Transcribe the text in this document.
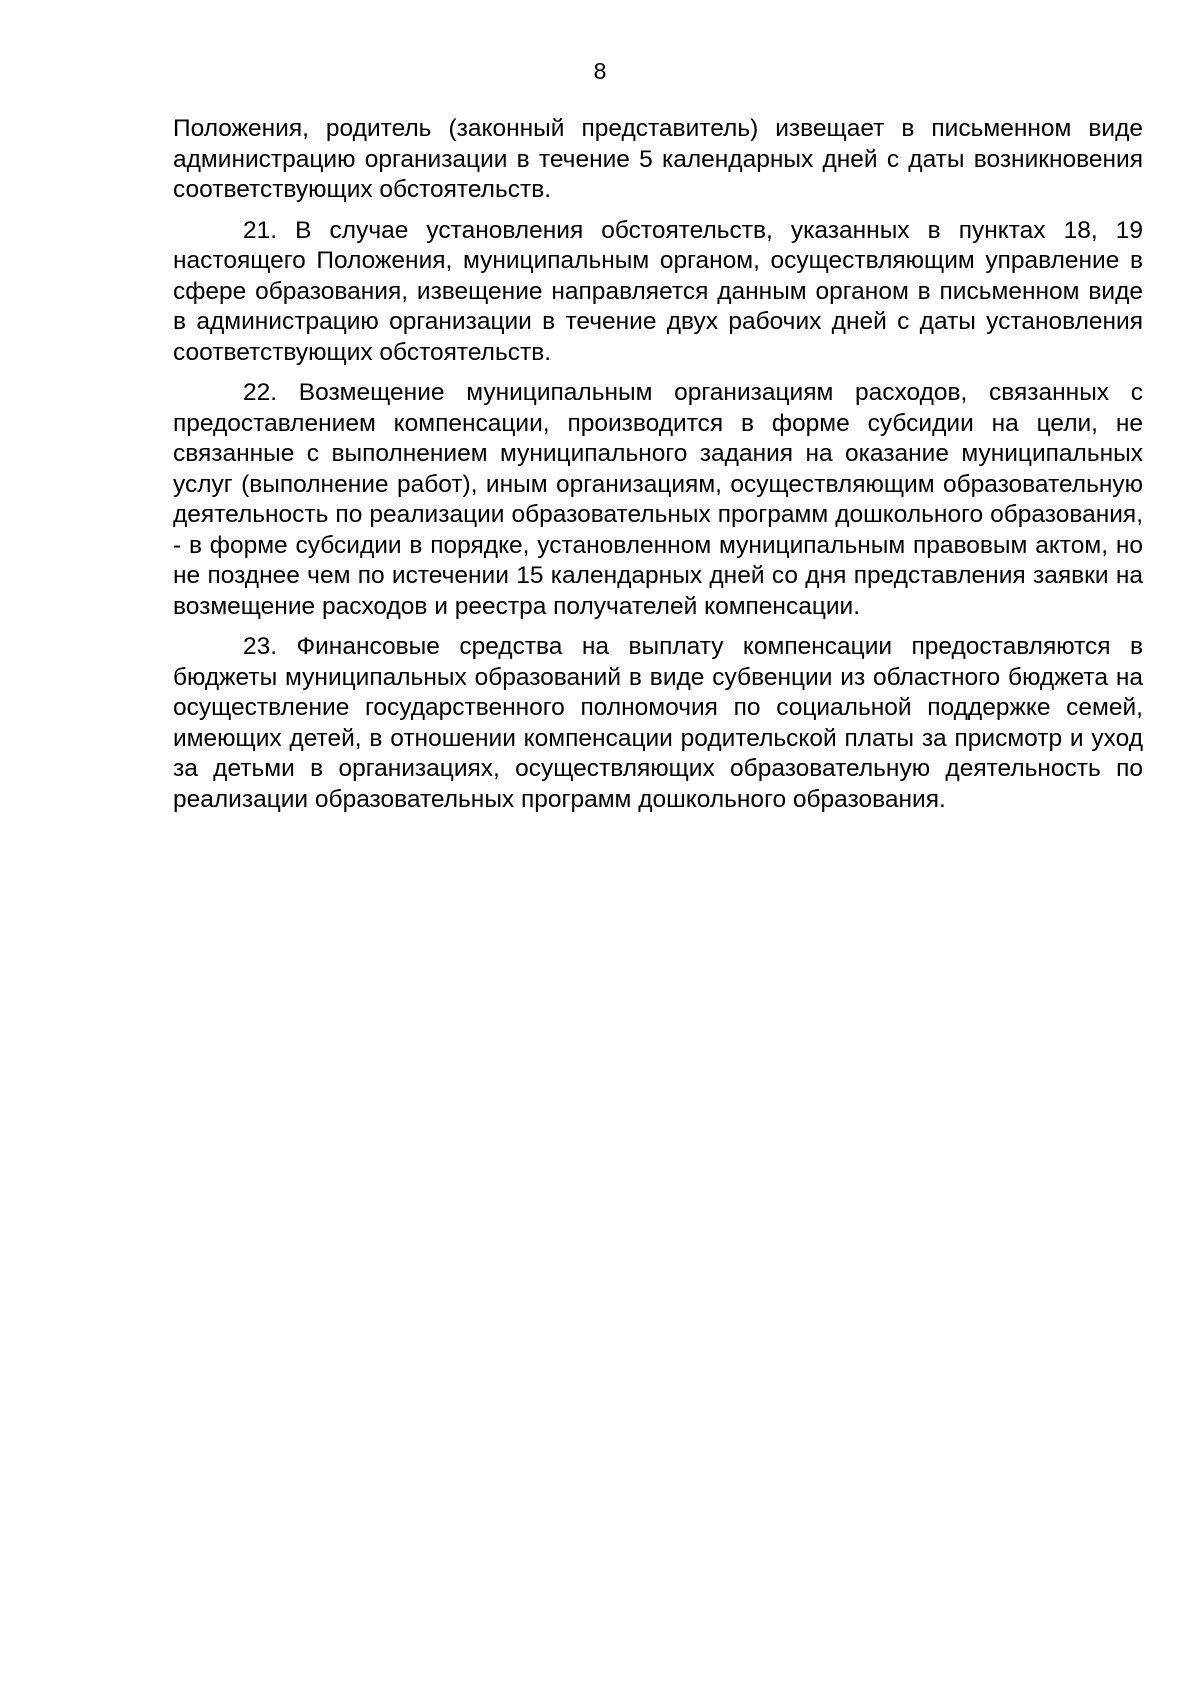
8

Положения, родитель (законный представитель) извещает в письменном виде администрацию организации в течение 5 календарных дней с даты возникновения соответствующих обстоятельств.

21. В случае установления обстоятельств, указанных в пунктах 18, 19 настоящего Положения, муниципальным органом, осуществляющим управление в сфере образования, извещение направляется данным органом в письменном виде в администрацию организации в течение двух рабочих дней с даты установления соответствующих обстоятельств.

22. Возмещение муниципальным организациям расходов, связанных с предоставлением компенсации, производится в форме субсидии на цели, не связанные с выполнением муниципального задания на оказание муниципальных услуг (выполнение работ), иным организациям, осуществляющим образовательную деятельность по реализации образовательных программ дошкольного образования, - в форме субсидии в порядке, установленном муниципальным правовым актом, но не позднее чем по истечении 15 календарных дней со дня представления заявки на возмещение расходов и реестра получателей компенсации.

23. Финансовые средства на выплату компенсации предоставляются в бюджеты муниципальных образований в виде субвенции из областного бюджета на осуществление государственного полномочия по социальной поддержке семей, имеющих детей, в отношении компенсации родительской платы за присмотр и уход за детьми в организациях, осуществляющих образовательную деятельность по реализации образовательных программ дошкольного образования.
